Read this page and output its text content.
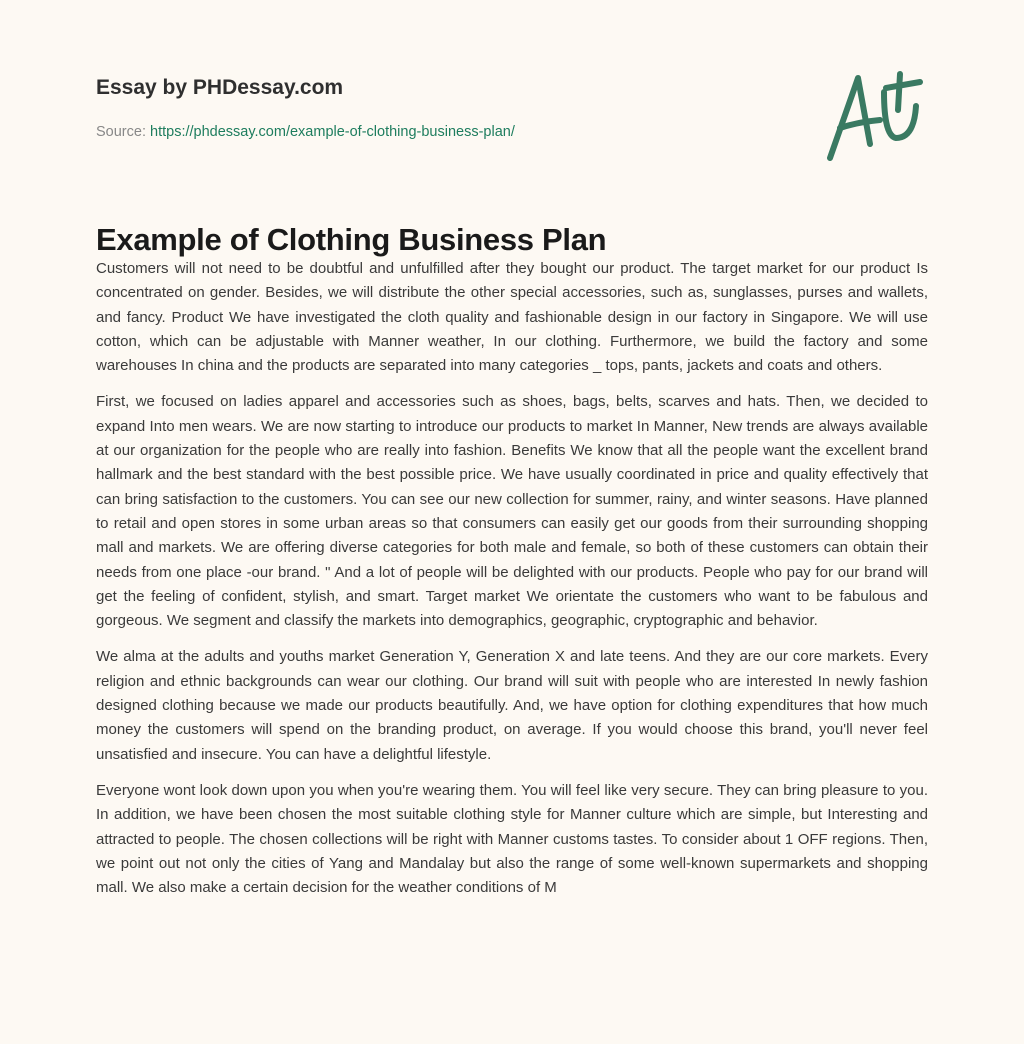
Essay by PHDessay.com
Source: https://phdessay.com/example-of-clothing-business-plan/
Example of Clothing Business Plan

Customers will not need to be doubtful and unfulfilled after they bought our product. The target market for our product Is concentrated on gender. Besides, we will distribute the other special accessories, such as, sunglasses, purses and wallets, and fancy. Product We have investigated the cloth quality and fashionable design in our factory in Singapore. We will use cotton, which can be adjustable with Manner weather, In our clothing. Furthermore, we build the factory and some warehouses In china and the products are separated into many categories _ tops, pants, jackets and coats and others.

First, we focused on ladies apparel and accessories such as shoes, bags, belts, scarves and hats. Then, we decided to expand Into men wears. We are now starting to introduce our products to market In Manner, New trends are always available at our organization for the people who are really into fashion. Benefits We know that all the people want the excellent brand hallmark and the best standard with the best possible price. We have usually coordinated in price and quality effectively that can bring satisfaction to the customers. You can see our new collection for summer, rainy, and winter seasons. Have planned to retail and open stores in some urban areas so that consumers can easily get our goods from their surrounding shopping mall and markets. We are offering diverse categories for both male and female, so both of these customers can obtain their needs from one place -our brand. " And a lot of people will be delighted with our products. People who pay for our brand will get the feeling of confident, stylish, and smart. Target market We orientate the customers who want to be fabulous and gorgeous. We segment and classify the markets into demographics, geographic, cryptographic and behavior.

We alma at the adults and youths market Generation Y, Generation X and late teens. And they are our core markets. Every religion and ethnic backgrounds can wear our clothing. Our brand will suit with people who are interested In newly fashion designed clothing because we made our products beautifully. And, we have option for clothing expenditures that how much money the customers will spend on the branding product, on average. If you would choose this brand, you'll never feel unsatisfied and insecure. You can have a delightful lifestyle.

Everyone wont look down upon you when you're wearing them. You will feel like very secure. They can bring pleasure to you. In addition, we have been chosen the most suitable clothing style for Manner culture which are simple, but Interesting and attracted to people. The chosen collections will be right with Manner customs tastes. To consider about 1 OFF regions. Then, we point out not only the cities of Yang and Mandalay but also the range of some well-known supermarkets and shopping mall. We also make a certain decision for the weather conditions of M
